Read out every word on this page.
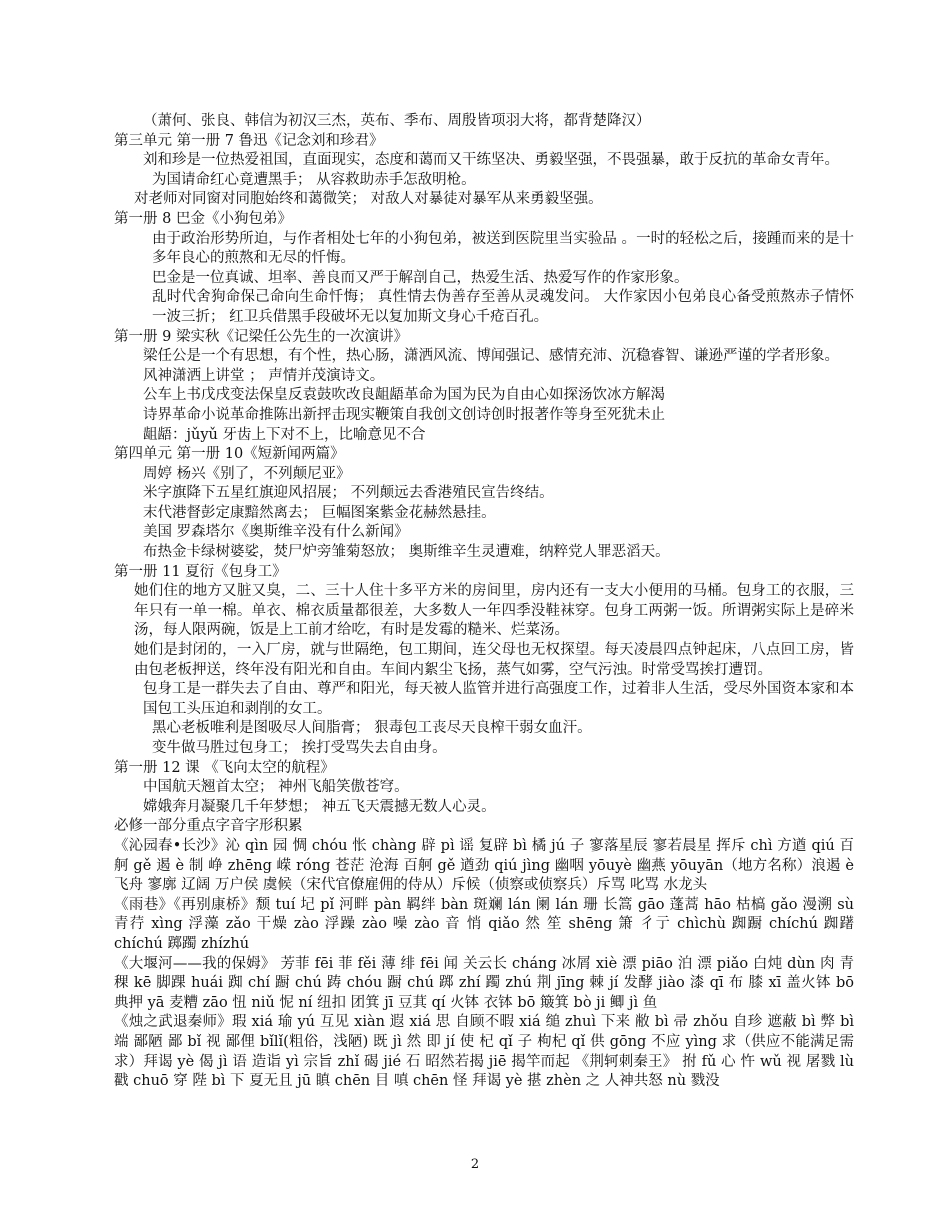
（萧何、张良、韩信为初汉三杰，英布、季布、周殷皆项羽大将，都背楚降汉）
第三单元 第一册 7 鲁迅《记念刘和珍君》
刘和珍是一位热爱祖国，直面现实，态度和蔼而又干练坚决、勇毅坚强，不畏强暴，敢于反抗的革命女青年。
为国请命红心竟遭黑手； 从容救助赤手怎敌明枪。
对老师对同窗对同胞始终和蔼微笑； 对敌人对暴徒对暴军从来勇毅坚强。
第一册 8 巴金《小狗包弟》
由于政治形势所迫，与作者相处七年的小狗包弟，被送到医院里当实验品 。一时的轻松之后，接踵而来的是十多年良心的煎熬和无尽的忏悔。
巴金是一位真诚、坦率、善良而又严于解剖自己，热爱生活、热爱写作的作家形象。
乱时代舍狗命保己命向生命忏悔； 真性情去伪善存至善从灵魂发问。 大作家因小包弟良心备受煎熬赤子情怀一波三折； 红卫兵借黑手段破坏无以复加斯文身心千疮百孔。
第一册 9 梁实秋《记梁任公先生的一次演讲》
梁任公是一个有思想，有个性，热心肠，潇洒风流、博闻强记、感情充沛、沉稳睿智、谦逊严谨的学者形象。
风神潇洒上讲堂 ； 声情并茂演诗文。
公车上书戊戌变法保皇反袁鼓吹改良龃龉革命为国为民为自由心如探汤饮冰方解渴
诗界革命小说革命推陈出新抨击现实鞭策自我创文创诗创时报著作等身至死犹未止
龃龉：jǔyǔ 牙齿上下对不上，比喻意见不合
第四单元 第一册 10《短新闻两篇》
周婷 杨兴《别了，不列颠尼亚》
米字旗降下五星红旗迎风招展； 不列颠远去香港殖民宣告终结。
末代港督彭定康黯然离去； 巨幅图案紫金花赫然悬挂。
美国 罗森塔尔《奥斯维辛没有什么新闻》
布热金卡绿树婆娑，焚尸炉旁雏菊怒放； 奥斯维辛生灵遭难，纳粹党人罪恶滔天。
第一册 11 夏衍《包身工》
她们住的地方又脏又臭，二、三十人住十多平方米的房间里，房内还有一支大小便用的马桶。包身工的衣服，三年只有一单一棉。单衣、棉衣质量都很差，大多数人一年四季没鞋袜穿。包身工两粥一饭。所谓粥实际上是碎米汤，每人限两碗，饭是上工前才给吃，有时是发霉的糙米、烂菜汤。
她们是封闭的，一入厂房，就与世隔绝，包工期间，连父母也无权探望。每天凌晨四点钟起床，八点回工房，皆由包老板押送，终年没有阳光和自由。车间内絮尘飞扬，蒸气如雾，空气污浊。时常受骂挨打遭罚。
包身工是一群失去了自由、尊严和阳光，每天被人监管并进行高强度工作，过着非人生活，受尽外国资本家和本国包工头压迫和剥削的女工。
黑心老板唯利是图吸尽人间脂膏； 狠毒包工丧尽天良榨干弱女血汗。
变牛做马胜过包身工； 挨打受骂失去自由身。
第一册 12 课 《飞向太空的航程》
中国航天翘首太空； 神州飞船笑傲苍穹。
嫦娥奔月凝聚几千年梦想； 神五飞天震撼无数人心灵。
必修一部分重点字音字形积累
《沁园春•长沙》沁 qìn 园 惆 chóu 怅 chàng 辟 pì 谣 复辟 bì 橘 jú 子 寥落星辰 寥若晨星 挥斥 chì 方遒 qiú 百舸 gě 遏 è 制 峥 zhēng 嵘 róng 苍茫 沧海 百舸 gě 遒劲 qiú jìng 幽咽 yōuyè 幽燕 yōuyān（地方名称）浪遏 è 飞舟 寥廓 辽阔 万户侯 虞候（宋代官僚雇佣的侍从）斥候（侦察或侦察兵）斥骂 叱骂 水龙头
《雨巷》《再别康桥》颓 tuí 圮 pǐ 河畔 pàn 羁绊 bàn 斑斓 lán 阑 lán 珊 长篙 gāo 蓬蒿 hāo 枯槁 gǎo 漫溯 sù 青荇 xìng 浮藻 zǎo 干燥 zào 浮躁 zào 噪 zào 音 悄 qiǎo 然 笙 shēng 箫 彳亍 chìchù 踟蹰 chíchú 踟躇 chíchú 踯躅 zhízhú
《大堰河——我的保姆》 芳菲 fēi 菲 fěi 薄 绯 fēi 闻 关云长 cháng 冰屑 xiè 漂 piāo 泊 漂 piǎo 白炖 dùn 肉 青稞 kē 脚踝 huái 踟 chí 蹰 chú 踌 chóu 蹰 chú 踯 zhí 躅 zhú 荆 jīng 棘 jí 发酵 jiào 漆 qī 布 膝 xī 盖火钵 bō 典押 yā 麦糟 zāo 忸 niǔ 怩 ní 纽扣 团箕 jī 豆萁 qí 火钵 衣钵 bō 簸箕 bò ji 鲫 jì 鱼
《烛之武退秦师》瑕 xiá 瑜 yú 互见 xiàn 遐 xiá 思 自顾不暇 xiá 缒 zhuì 下来 敝 bì 帚 zhǒu 自珍 遮蔽 bì 弊 bì 端 鄙陋 鄙 bǐ 视 鄙俚 bǐlǐ(粗俗，浅陋) 既 jì 然 即 jí 使 杞 qǐ 子 枸杞 qǐ 供 gōng 不应 yìng 求（供应不能满足需求）拜谒 yè 偈 jì 语 造诣 yì 宗旨 zhǐ 碣 jié 石 昭然若揭 jiē 揭竿而起 《荆轲刺秦王》 拊 fǔ 心 忤 wǔ 视 屠戮 lù 戳 chuō 穿 陛 bì 下 夏无且 jū 瞋 chēn 目 嗔 chēn 怪 拜谒 yè 揕 zhèn 之 人神共怒 nù 戮没
2
